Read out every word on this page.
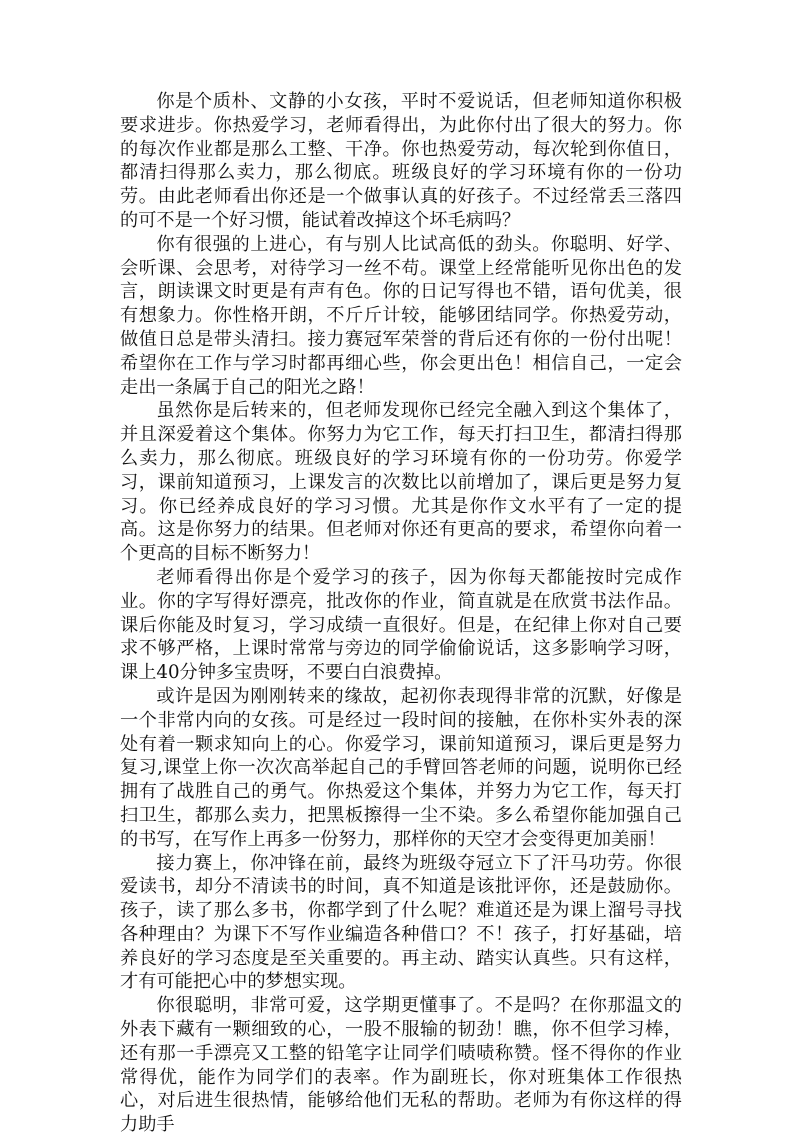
你是个质朴、文静的小女孩，平时不爱说话，但老师知道你积极要求进步。你热爱学习，老师看得出，为此你付出了很大的努力。你的每次作业都是那么工整、干净。你也热爱劳动，每次轮到你值日，都清扫得那么卖力，那么彻底。班级良好的学习环境有你的一份功劳。由此老师看出你还是一个做事认真的好孩子。不过经常丢三落四的可不是一个好习惯，能试着改掉这个坏毛病吗？

你有很强的上进心，有与别人比试高低的劲头。你聪明、好学、会听课、会思考，对待学习一丝不苟。课堂上经常能听见你出色的发言，朗读课文时更是有声有色。你的日记写得也不错，语句优美，很有想象力。你性格开朗，不斤斤计较，能够团结同学。你热爱劳动，做值日总是带头清扫。接力赛冠军荣誉的背后还有你的一份付出呢！希望你在工作与学习时都再细心些，你会更出色！相信自己，一定会走出一条属于自己的阳光之路！

虽然你是后转来的，但老师发现你已经完全融入到这个集体了，并且深爱着这个集体。你努力为它工作，每天打扫卫生，都清扫得那么卖力，那么彻底。班级良好的学习环境有你的一份功劳。你爱学习，课前知道预习，上课发言的次数比以前增加了，课后更是努力复习。你已经养成良好的学习习惯。尤其是你作文水平有了一定的提高。这是你努力的结果。但老师对你还有更高的要求，希望你向着一个更高的目标不断努力！

老师看得出你是个爱学习的孩子，因为你每天都能按时完成作业。你的字写得好漂亮，批改你的作业，简直就是在欣赏书法作品。课后你能及时复习，学习成绩一直很好。但是，在纪律上你对自己要求不够严格，上课时常常与旁边的同学偷偷说话，这多影响学习呀，课上40分钟多宝贵呀，不要白白浪费掉。

或许是因为刚刚转来的缘故，起初你表现得非常的沉默，好像是一个非常内向的女孩。可是经过一段时间的接触，在你朴实外表的深处有着一颗求知向上的心。你爱学习，课前知道预习，课后更是努力复习,课堂上你一次次高举起自己的手臂回答老师的问题，说明你已经拥有了战胜自己的勇气。你热爱这个集体，并努力为它工作，每天打扫卫生，都那么卖力，把黑板擦得一尘不染。多么希望你能加强自己的书写，在写作上再多一份努力，那样你的天空才会变得更加美丽！

接力赛上，你冲锋在前，最终为班级夺冠立下了汗马功劳。你很爱读书，却分不清读书的时间，真不知道是该批评你，还是鼓励你。孩子，读了那么多书，你都学到了什么呢？难道还是为课上溜号寻找各种理由？为课下不写作业编造各种借口？不！孩子，打好基础，培养良好的学习态度是至关重要的。再主动、踏实认真些。只有这样，才有可能把心中的梦想实现。

你很聪明，非常可爱，这学期更懂事了。不是吗？在你那温文的外表下藏有一颗细致的心，一股不服输的韧劲！瞧，你不但学习棒，还有那一手漂亮又工整的铅笔字让同学们啧啧称赞。怪不得你的作业常得优，能作为同学们的表率。作为副班长，你对班集体工作很热心，对后进生很热情，能够给他们无私的帮助。老师为有你这样的得力助手
